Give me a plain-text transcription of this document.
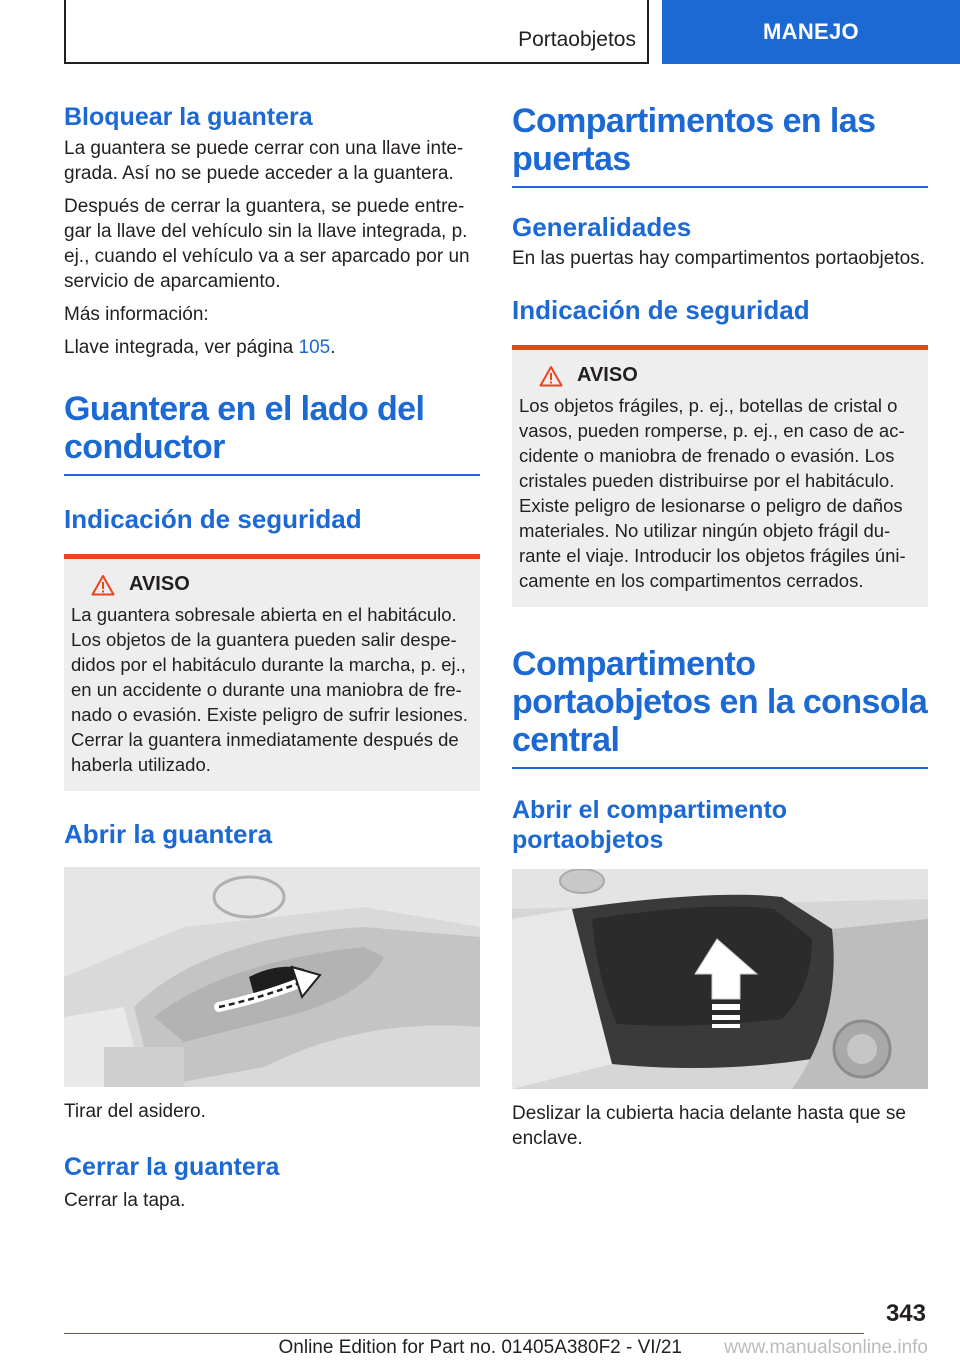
Portaobjetos	MANEJO
Bloquear la guantera

La guantera se puede cerrar con una llave inte-grada. Así no se puede acceder a la guantera.

Después de cerrar la guantera, se puede entre-gar la llave del vehículo sin la llave integrada, p. ej., cuando el vehículo va a ser aparcado por un servicio de aparcamiento.

Más información:

Llave integrada, ver página 105.

Guantera en el lado del conductor
Indicación de seguridad
AVISO

La guantera sobresale abierta en el habitáculo. Los objetos de la guantera pueden salir despe-didos por el habitáculo durante la marcha, p. ej., en un accidente o durante una maniobra de fre-nado o evasión. Existe peligro de sufrir lesiones. Cerrar la guantera inmediatamente después de haberla utilizado.

Abrir la guantera

Tirar del asidero.

Cerrar la guantera

Cerrar la tapa.

Compartimentos en las puertas
Generalidades

En las puertas hay compartimentos portaobjetos.

Indicación de seguridad
AVISO

Los objetos frágiles, p. ej., botellas de cristal o vasos, pueden romperse, p. ej., en caso de ac-cidente o maniobra de frenado o evasión. Los cristales pueden distribuirse por el habitáculo. Existe peligro de lesionarse o peligro de daños materiales. No utilizar ningún objeto frágil du-rante el viaje. Introducir los objetos frágiles úni-camente en los compartimentos cerrados.

Compartimento portaobjetos en la consola central
Abrir el compartimento portaobjetos

Deslizar la cubierta hacia delante hasta que se enclave.

343
Online Edition for Part no. 01405A380F2 - VI/21 www.manualsonline.info
